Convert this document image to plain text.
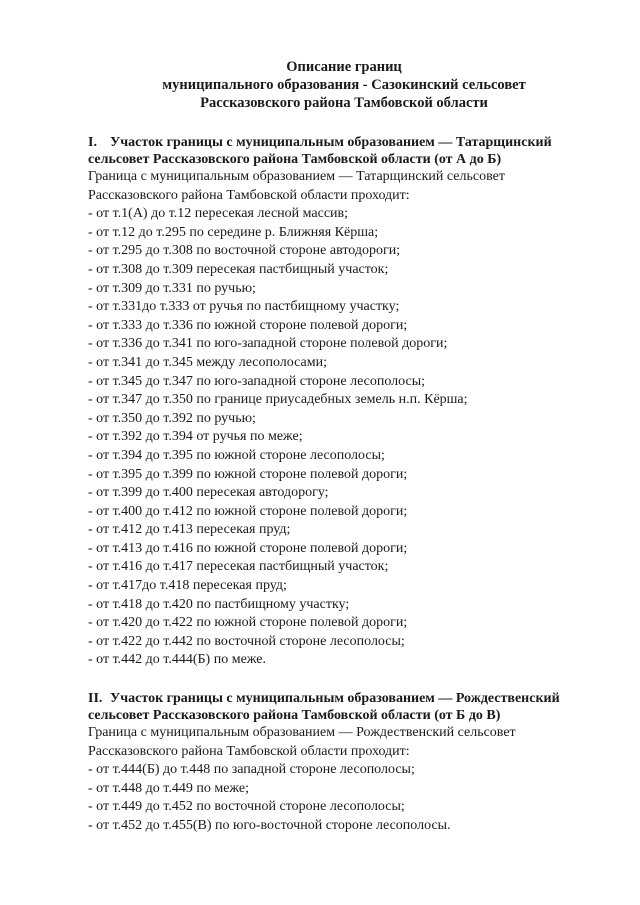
Описание границ
муниципального образования - Сазокинский сельсовет
Рассказовского района Тамбовской области
I. Участок границы с муниципальным образованием — Татарщинский
сельсовет Рассказовского района Тамбовской области (от А до Б)
Граница с муниципальным образованием — Татарщинский сельсовет
Рассказовского района Тамбовской области проходит:
- от т.1(А) до т.12 пересекая лесной массив;
- от т.12 до т.295 по середине р. Ближняя Кёрша;
- от т.295 до т.308 по восточной стороне автодороги;
- от т.308 до т.309 пересекая пастбищный участок;
- от т.309 до т.331 по ручью;
- от т.331до т.333 от ручья по пастбищному участку;
- от т.333 до т.336 по южной стороне полевой дороги;
- от т.336 до т.341 по юго-западной стороне полевой дороги;
- от т.341 до т.345 между лесополосами;
- от т.345 до т.347 по юго-западной стороне лесополосы;
- от т.347 до т.350 по границе приусадебных земель н.п. Кёрша;
- от т.350 до т.392 по ручью;
- от т.392 до т.394 от ручья по меже;
- от т.394 до т.395 по южной стороне лесополосы;
- от т.395 до т.399 по южной стороне полевой дороги;
- от т.399 до т.400 пересекая автодорогу;
- от т.400 до т.412 по южной стороне полевой дороги;
- от т.412 до т.413 пересекая пруд;
- от т.413 до т.416 по южной стороне полевой дороги;
- от т.416 до т.417 пересекая пастбищный участок;
- от т.417до т.418 пересекая пруд;
- от т.418 до т.420 по пастбищному участку;
- от т.420 до т.422 по южной стороне полевой дороги;
- от т.422 до т.442 по восточной стороне лесополосы;
- от т.442 до т.444(Б) по меже.
II. Участок границы с муниципальным образованием — Рождественский
сельсовет Рассказовского района Тамбовской области (от Б до В)
Граница с муниципальным образованием — Рождественский сельсовет
Рассказовского района Тамбовской области проходит:
- от т.444(Б) до т.448 по западной стороне лесополосы;
- от т.448 до т.449 по меже;
- от т.449 до т.452 по восточной стороне лесополосы;
- от т.452 до т.455(В) по юго-восточной стороне лесополосы.
